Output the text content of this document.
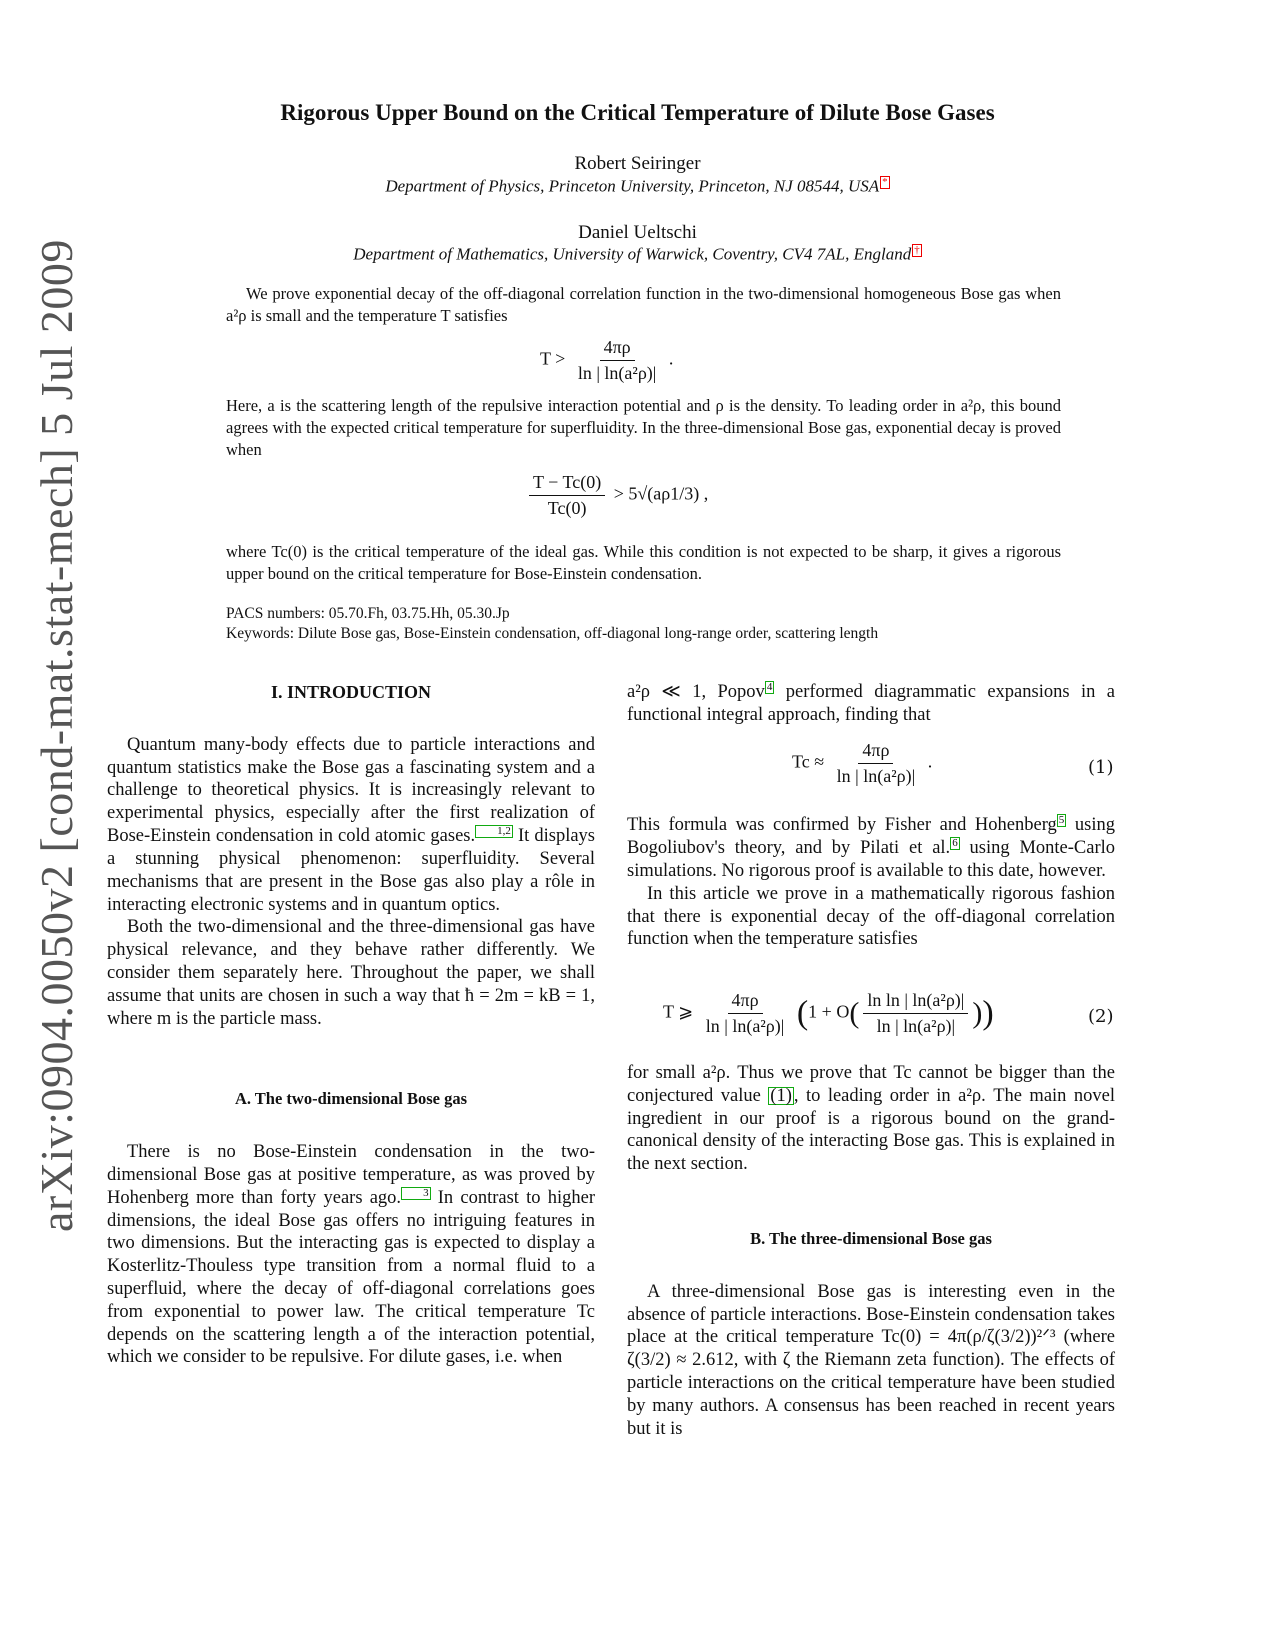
arXiv:0904.0050v2 [cond-mat.stat-mech] 5 Jul 2009
Rigorous Upper Bound on the Critical Temperature of Dilute Bose Gases
Robert Seiringer
Department of Physics, Princeton University, Princeton, NJ 08544, USA *
Daniel Ueltschi
Department of Mathematics, University of Warwick, Coventry, CV4 7AL, England †

We prove exponential decay of the off-diagonal correlation function in the two-dimensional homogeneous Bose gas when a²ρ is small and the temperature T satisfies

$T > \frac{4\pi\rho}{\text{ln | ln(a²ρ)|}}$ .

Here, a is the scattering length of the repulsive interaction potential and ρ is the density. To leading order in a²ρ, this bound agrees with the expected critical temperature for superfluidity. In the three-dimensional Bose gas, exponential decay is proved when

$\frac{T - Tc(0)}{Tc(0)} > 5√(a\rho 1/3)$ ,

where Tc(0) is the critical temperature of the ideal gas. While this condition is not expected to be sharp, it gives a rigorous upper bound on the critical temperature for Bose-Einstein condensation.

PACS numbers: 05.70.Fh, 03.75.Hh, 05.30.Jp

Keywords: Dilute Bose gas, Bose-Einstein condensation, off-diagonal long-range order, scattering length

I. INTRODUCTION

Quantum many-body effects due to particle interactions and quantum statistics make the Bose gas a fascinating system and a challenge to theoretical physics. It is increasingly relevant to experimental physics, especially after the first realization of Bose-Einstein condensation in cold atomic gases. 1,2 It displays a stunning physical phenomenon: superfluidity. Several mechanisms that are present in the Bose gas also play a rôle in interacting electronic systems and in quantum optics.

Both the two-dimensional and the three-dimensional gas have physical relevance, and they behave rather differently. We consider them separately here. Throughout the paper, we shall assume that units are chosen in such a way that ħ = 2m = kB = 1, where m is the particle mass.

A. The two-dimensional Bose gas

There is no Bose-Einstein condensation in the two-dimensional Bose gas at positive temperature, as was proved by Hohenberg more than forty years ago. 3 In contrast to higher dimensions, the ideal Bose gas offers no intriguing features in two dimensions. But the interacting gas is expected to display a Kosterlitz-Thouless type transition from a normal fluid to a superfluid, where the decay of off-diagonal correlations goes from exponential to power law. The critical temperature Tc depends on the scattering length a of the interaction potential, which we consider to be repulsive. For dilute gases, i.e. when

a²ρ ≪ 1, Popov 4 performed diagrammatic expansions in a functional integral approach, finding that

$Tc \approx \frac{4\pi\rho}{\text{ln | ln(a²ρ)|}}$ .	(1)

This formula was confirmed by Fisher and Hohenberg 5 using Bogoliubov's theory, and by Pilati et al. 6 using Monte-Carlo simulations. No rigorous proof is available to this date, however.

In this article we prove in a mathematically rigorous fashion that there is exponential decay of the off-diagonal correlation function when the temperature satisfies

T ⩾ $\frac{4\pi\rho}{\text{ln | ln(a²ρ)|}} (1 + O( \frac{\text{ln ln | ln(a²ρ)|}}{\text{ln | ln(a²ρ)|}}$ ))	(2)

for small a²ρ. Thus we prove that Tc cannot be bigger than the conjectured value (1) , to leading order in a²ρ. The main novel ingredient in our proof is a rigorous bound on the grand-canonical density of the interacting Bose gas. This is explained in the next section.

B. The three-dimensional Bose gas

A three-dimensional Bose gas is interesting even in the absence of particle interactions. Bose-Einstein condensation takes place at the critical temperature Tc(0) = 4π(ρ/ζ(3/2))²ᐟ³ (where ζ(3/2) ≈ 2.612, with ζ the Riemann zeta function). The effects of particle interactions on the critical temperature have been studied by many authors. A consensus has been reached in recent years but it is
